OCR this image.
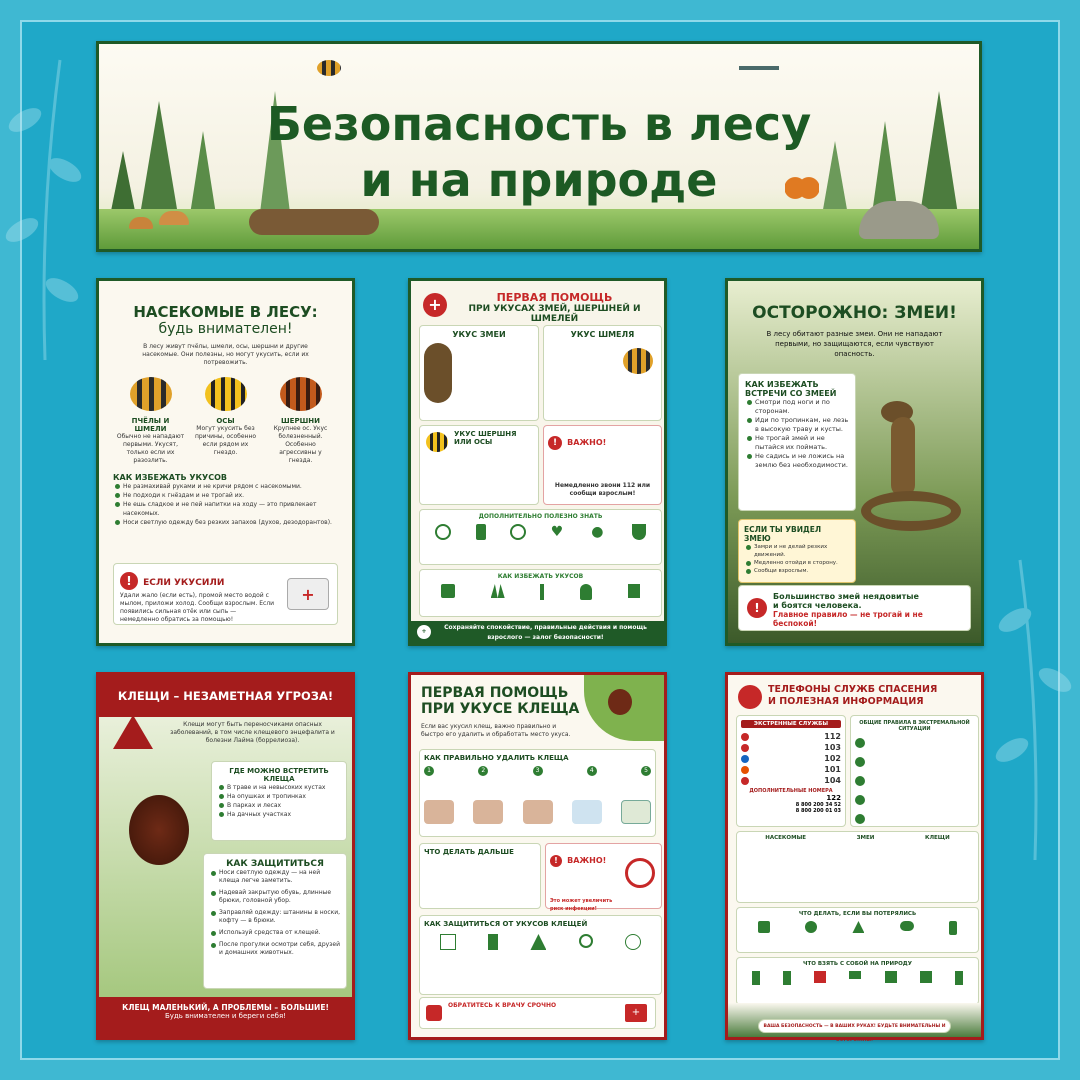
Безопасность в лесу
и на природе
НАСЕКОМЫЕ В ЛЕСУ:
будь внимателен!
В лесу живут пчёлы, шмели, осы, шершни и другие насекомые. Они полезны, но могут укусить, если их потревожить.
ПЧЁЛЫ И ШМЕЛИ
Обычно не нападают первыми. Укусят, только если их разозлить.
ОСЫ
Могут укусить без причины, особенно если рядом их гнездо.
ШЕРШНИ
Крупнее ос. Укус болезненный. Особенно агрессивны у гнезда.
КАК ИЗБЕЖАТЬ УКУСОВ
Не размахивай руками и не кричи рядом с насекомыми.
Не подходи к гнёздам и не трогай их.
Не ешь сладкое и не пей напитки на ходу — это привлекает насекомых.
Носи светлую одежду без резких запахов (духов, дезодорантов).
! ЕСЛИ УКУСИЛИ
Удали жало (если есть), промой место водой с мылом, приложи холод. Сообщи взрослым. Если появились сильная отёк или сыпь — немедленно обратись за помощью!
+
+	ПЕРВАЯ ПОМОЩЬ
ПРИ УКУСАХ ЗМЕЙ, ШЕРШНЕЙ И ШМЕЛЕЙ
УКУС ЗМЕИ	УКУС ШМЕЛЯ
УКУС ШЕРШНЯ ИЛИ ОСЫ	! ВАЖНО!
Немедленно звони 112 или сообщи взрослым!
ДОПОЛНИТЕЛЬНО ПОЛЕЗНО ЗНАТЬ
♥ ●
КАК ИЗБЕЖАТЬ УКУСОВ
+
Сохраняйте спокойствие, правильные действия и помощь взрослого — залог безопасности!
ОСТОРОЖНО: ЗМЕИ!
В лесу обитают разные змеи. Они не нападают первыми, но защищаются, если чувствуют опасность.
КАК ИЗБЕЖАТЬ ВСТРЕЧИ СО ЗМЕЕЙ
Смотри под ноги и по сторонам.
Иди по тропинкам, не лезь в высокую траву и кусты.
Не трогай змей и не пытайся их поймать.
Не садись и не ложись на землю без необходимости.
ЕСЛИ ТЫ УВИДЕЛ ЗМЕЮ
Замри и не делай резких движений.
Медленно отойди в сторону.
Сообщи взрослым.
!
Большинство змей неядовитые
и боятся человека.
Главное правило — не трогай и не беспокой!
КЛЕЩИ – НЕЗАМЕТНАЯ УГРОЗА!
Клещи могут быть переносчиками опасных заболеваний, в том числе клещевого энцефалита и болезни Лайма (боррелиоза).
ГДЕ МОЖНО ВСТРЕТИТЬ КЛЕЩА
В траве и на невысоких кустах
На опушках и тропинках
В парках и лесах
На дачных участках
КАК ЗАЩИТИТЬСЯ
Носи светлую одежду — на ней клеща легче заметить.
Надевай закрытую обувь, длинные брюки, головной убор.
Заправляй одежду: штанины в носки, кофту — в брюки.
Используй средства от клещей.
После прогулки осмотри себя, друзей и домашних животных.
КЛЕЩ МАЛЕНЬКИЙ, А ПРОБЛЕМЫ – БОЛЬШИЕ!
Будь внимателен и береги себя!
ПЕРВАЯ ПОМОЩЬ
ПРИ УКУСЕ КЛЕЩА
Если вас укусил клещ, важно правильно и быстро его удалить и обработать место укуса.
КАК ПРАВИЛЬНО УДАЛИТЬ КЛЕЩА
1	2	3	4	5
ЧТО ДЕЛАТЬ ДАЛЬШЕ
! ВАЖНО!
Это может увеличить риск инфекции!
КАК ЗАЩИТИТЬСЯ ОТ УКУСОВ КЛЕЩЕЙ
ОБРАТИТЕСЬ К ВРАЧУ СРОЧНО
+
ТЕЛЕФОНЫ СЛУЖБ СПАСЕНИЯ
И ПОЛЕЗНАЯ ИНФОРМАЦИЯ
ЭКСТРЕННЫЕ СЛУЖБЫ
112
103
102
101
104
ДОПОЛНИТЕЛЬНЫЕ НОМЕРА
122
8 800 200 34 52
8 800 200 01 03
ОБЩИЕ ПРАВИЛА В ЭКСТРЕМАЛЬНОЙ СИТУАЦИИ
НАСЕКОМЫЕ	ЗМЕИ	КЛЕЩИ
ЧТО ДЕЛАТЬ, ЕСЛИ ВЫ ПОТЕРЯЛИСЬ
ЧТО ВЗЯТЬ С СОБОЙ НА ПРИРОДУ
ВАША БЕЗОПАСНОСТЬ — В ВАШИХ РУКАХ! БУДЬТЕ ВНИМАТЕЛЬНЫ И ОСТОРОЖНЫ!
